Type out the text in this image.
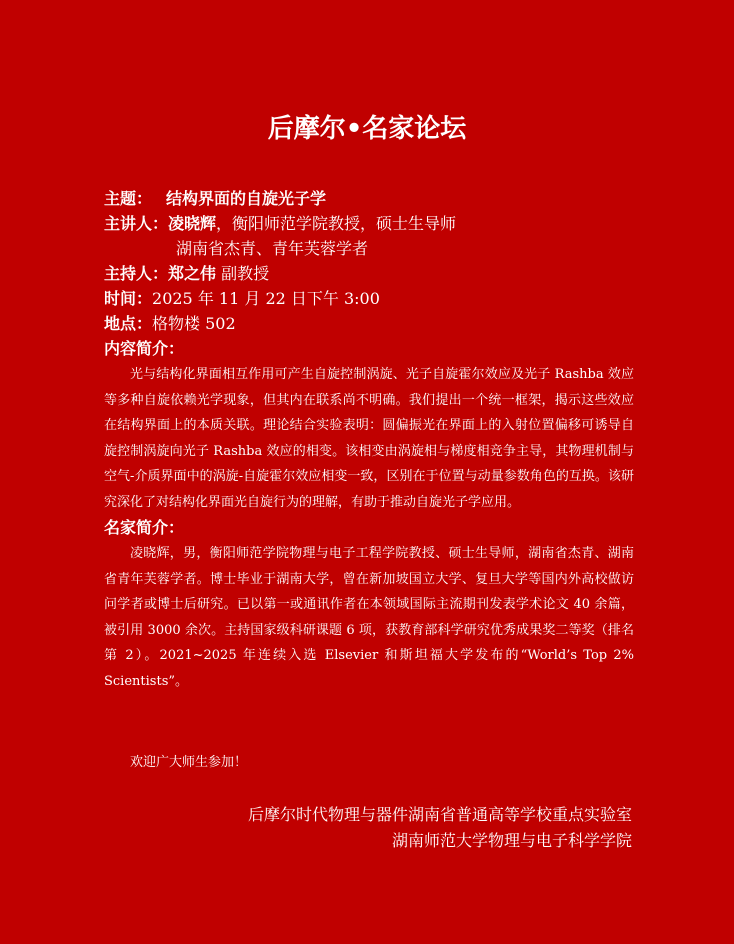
后摩尔•名家论坛
主题： 结构界面的自旋光子学
主讲人：凌晓辉，衡阳师范学院教授，硕士生导师
湖南省杰青、青年芙蓉学者
主持人：郑之伟 副教授
时间：2025 年 11 月 22 日下午 3:00
地点：格物楼 502
内容简介：

光与结构化界面相互作用可产生自旋控制涡旋、光子自旋霍尔效应及光子 Rashba 效应等多种自旋依赖光学现象，但其内在联系尚不明确。我们提出一个统一框架，揭示这些效应在结构界面上的本质关联。理论结合实验表明：圆偏振光在界面上的入射位置偏移可诱导自旋控制涡旋向光子 Rashba 效应的相变。该相变由涡旋相与梯度相竞争主导，其物理机制与空气-介质界面中的涡旋-自旋霍尔效应相变一致，区别在于位置与动量参数角色的互换。该研究深化了对结构化界面光自旋行为的理解，有助于推动自旋光子学应用。

名家简介：

凌晓辉，男，衡阳师范学院物理与电子工程学院教授、硕士生导师，湖南省杰青、湖南省青年芙蓉学者。博士毕业于湖南大学，曾在新加坡国立大学、复旦大学等国内外高校做访问学者或博士后研究。已以第一或通讯作者在本领域国际主流期刊发表学术论文 40 余篇，被引用 3000 余次。主持国家级科研课题 6 项，获教育部科学研究优秀成果奖二等奖（排名第 2）。2021~2025 年连续入选 Elsevier 和斯坦福大学发布的“World’s Top 2% Scientists”。

欢迎广大师生参加！
后摩尔时代物理与器件湖南省普通高等学校重点实验室
湖南师范大学物理与电子科学学院
